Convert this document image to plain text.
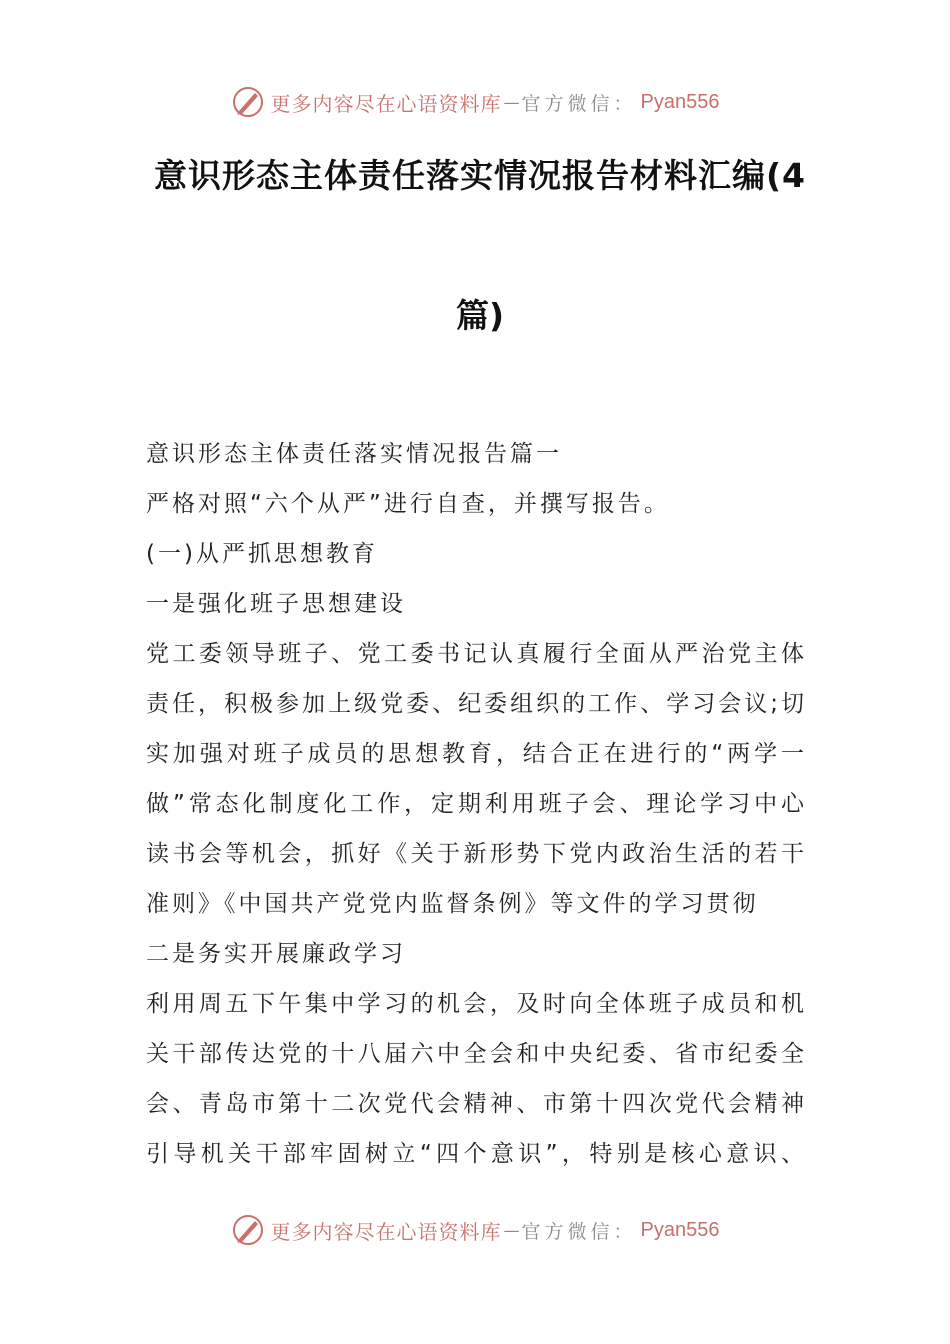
更多内容尽在心语资料库 — 官方微信： Pyan556
意识形态主体责任落实情况报告材料汇编(4
篇)
意识形态主体责任落实情况报告篇一
严格对照“六个从严”进行自查，并撰写报告。
(一)从严抓思想教育
一是强化班子思想建设
党工委领导班子、党工委书记认真履行全面从严治党主体
责任，积极参加上级党委、纪委组织的工作、学习会议;切
实加强对班子成员的思想教育，结合正在进行的“两学一
做”常态化制度化工作，定期利用班子会、理论学习中心
读书会等机会，抓好《关于新形势下党内政治生活的若干
准则》《中国共产党党内监督条例》等文件的学习贯彻
二是务实开展廉政学习
利用周五下午集中学习的机会，及时向全体班子成员和机
关干部传达党的十八届六中全会和中央纪委、省市纪委全
会、青岛市第十二次党代会精神、市第十四次党代会精神
引导机关干部牢固树立“四个意识”，特别是核心意识、
更多内容尽在心语资料库 — 官方微信： Pyan556
